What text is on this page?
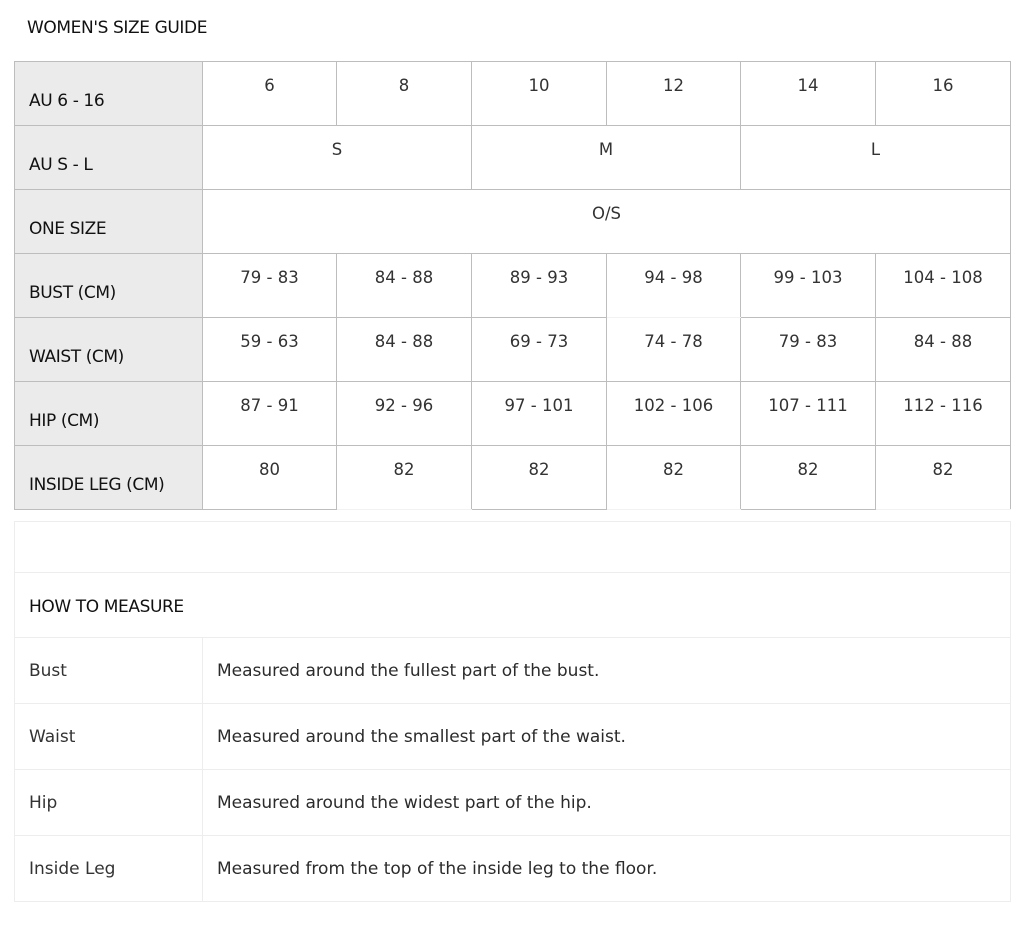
WOMEN'S SIZE GUIDE
AU 6 - 16	6	8	10	12	14	16
AU S - L	S		M		L	
ONE SIZE	O/S					
BUST (CM)	79 - 83	84 - 88	89 - 93	94 - 98	99 - 103	104 - 108
WAIST (CM)	59 - 63	84 - 88	69 - 73	74 - 78	79 - 83	84 - 88
HIP (CM)	87 - 91	92 - 96	97 - 101	102 - 106	107 - 111	112 - 116
INSIDE LEG (CM)	80	82	82	82	82	82

HOW TO MEASURE	
Bust	Measured around the fullest part of the bust.
Waist	Measured around the smallest part of the waist.
Hip	Measured around the widest part of the hip.
Inside Leg	Measured from the top of the inside leg to the floor.
